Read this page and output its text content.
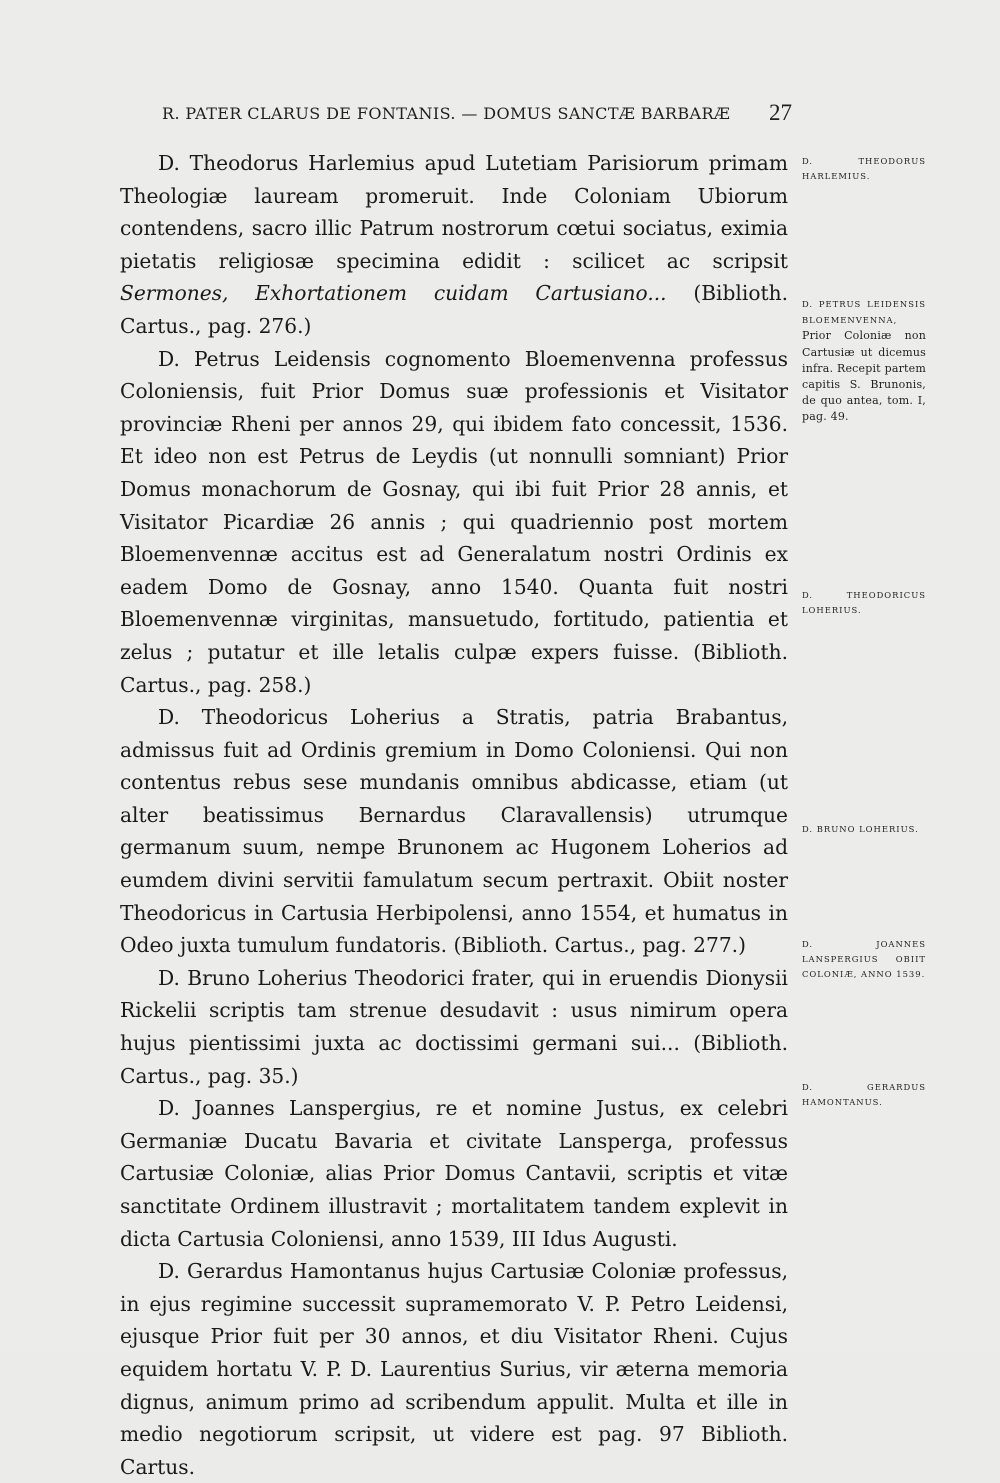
R. PATER CLARUS DE FONTANIS. — DOMUS SANCTÆ BARBARÆ 27

D. Theodorus Harlemius apud Lutetiam Parisiorum primam Theologiæ lauream promeruit. Inde Coloniam Ubiorum contendens, sacro illic Patrum nostrorum cœtui sociatus, eximia pietatis religiosæ specimina edidit : scilicet ac scripsit Sermones, Exhortationem cuidam Cartusiano... (Biblioth. Cartus., pag. 276.)

D. Petrus Leidensis cognomento Bloemenvenna professus Coloniensis, fuit Prior Domus suæ professionis et Visitator provinciæ Rheni per annos 29, qui ibidem fato concessit, 1536. Et ideo non est Petrus de Leydis (ut nonnulli somniant) Prior Domus monachorum de Gosnay, qui ibi fuit Prior 28 annis, et Visitator Picardiæ 26 annis ; qui quadriennio post mortem Bloemenvennæ accitus est ad Generalatum nostri Ordinis ex eadem Domo de Gosnay, anno 1540. Quanta fuit nostri Bloemenvennæ virginitas, mansuetudo, fortitudo, patientia et zelus ; putatur et ille letalis culpæ expers fuisse. (Biblioth. Cartus., pag. 258.)

D. Theodoricus Loherius a Stratis, patria Brabantus, admissus fuit ad Ordinis gremium in Domo Coloniensi. Qui non contentus rebus sese mundanis omnibus abdicasse, etiam (ut alter beatissimus Bernardus Claravallensis) utrumque germanum suum, nempe Brunonem ac Hugonem Loherios ad eumdem divini servitii famulatum secum pertraxit. Obiit noster Theodoricus in Cartusia Herbipolensi, anno 1554, et humatus in Odeo juxta tumulum fundatoris. (Biblioth. Cartus., pag. 277.)

D. Bruno Loherius Theodorici frater, qui in eruendis Dionysii Rickelii scriptis tam strenue desudavit : usus nimirum opera hujus pientissimi juxta ac doctissimi germani sui... (Biblioth. Cartus., pag. 35.)

D. Joannes Lanspergius, re et nomine Justus, ex celebri Germaniæ Ducatu Bavaria et civitate Lansperga, professus Cartusiæ Coloniæ, alias Prior Domus Cantavii, scriptis et vitæ sanctitate Ordinem illustravit ; mortalitatem tandem explevit in dicta Cartusia Coloniensi, anno 1539, III Idus Augusti.

D. Gerardus Hamontanus hujus Cartusiæ Coloniæ professus, in ejus regimine successit supramemorato V. P. Petro Leidensi, ejusque Prior fuit per 30 annos, et diu Visitator Rheni. Cujus equidem hortatu V. P. D. Laurentius Surius, vir æterna memoria dignus, animum primo ad scribendum appulit. Multa et ille in medio negotiorum scripsit, ut videre est pag. 97 Biblioth. Cartus.

D. THEODORUS HARLEMIUS.
D. PETRUS LEIDENSIS BLOEMENVENNA, Prior Coloniæ non Cartusiæ ut dicemus infra. Recepit partem capitis S. Brunonis, de quo antea, tom. I, pag. 49.
D. THEODORICUS LOHERIUS.
D. BRUNO LOHERIUS.
D. JOANNES LANSPERGIUS OBIIT COLONIÆ, ANNO 1539.
D. GERARDUS HAMONTANUS.
